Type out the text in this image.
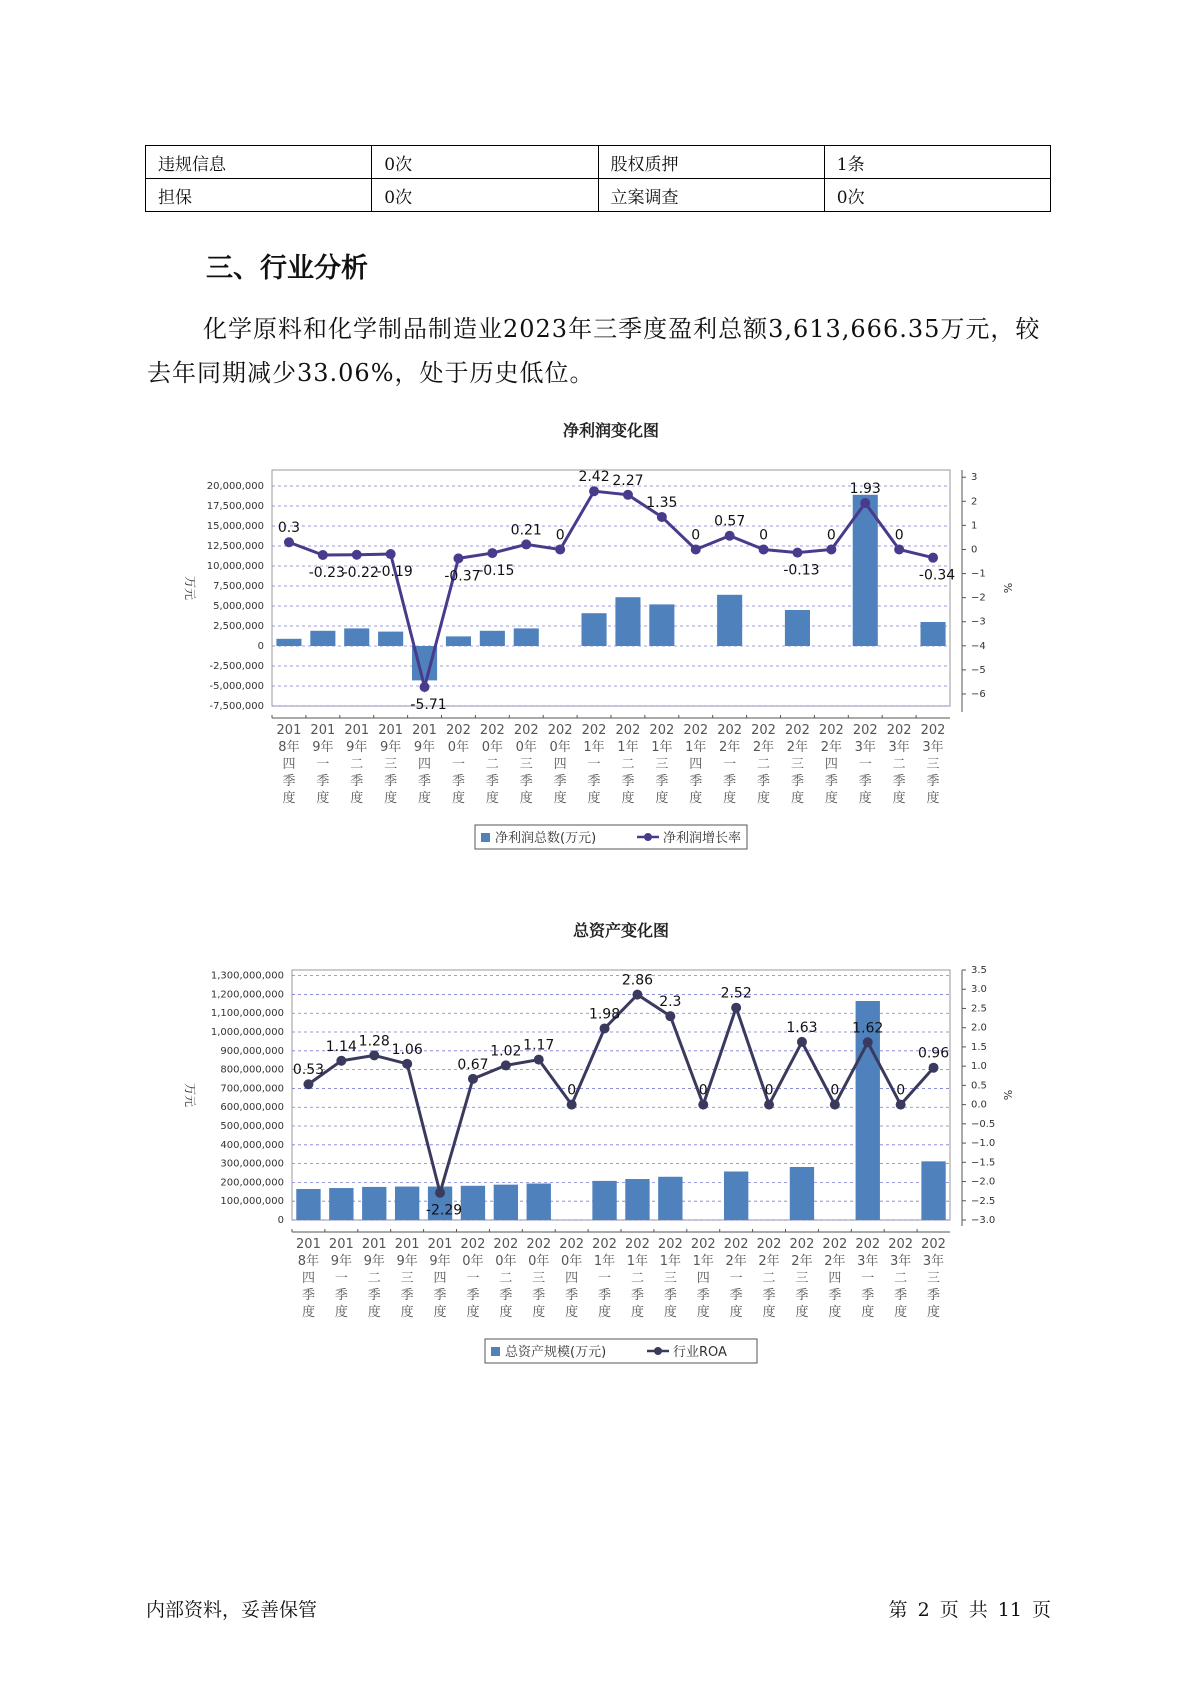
违规信息	0次	股权质押	1条
担保	0次	立案调查	0次
三、行业分析

化学原料和化学制品制造业2023年三季度盈利总额3,613,666.35万元，较去年同期减少33.06%，处于历史低位。

净利润变化图
20,000,000
17,500,000
15,000,000
12,500,000
10,000,000
7,500,000
5,000,000
2,500,000
0
-2,500,000
-5,000,000
-7,500,000
3
2
1
0
−1
−2
−3
−4
−5
−6
万元	%
0.3
-0.23
-0.22
-0.19
-5.71
-0.37
-0.15
0.21 0
2.42 2.27
1.35
0
0.57
0
-0.13
0
1.93
0
-0.34
201
8年
四
季
度
201
9年
一
季
度
201
9年
二
季
度
201
9年
三
季
度
201
9年
四
季
度
202
0年
一
季
度
202
0年
二
季
度
202
0年
三
季
度
202
0年
四
季
度
202
1年
一
季
度
202
1年
二
季
度
202
1年
三
季
度
202
1年
四
季
度
202
2年
一
季
度
202
2年
二
季
度
202
2年
三
季
度
202
2年
四
季
度
202
3年
一
季
度
202
3年
二
季
度
202
3年
三
季
度
净利润总数(万元)	净利润增长率
总资产变化图
1,300,000,000
1,200,000,000
1,100,000,000
1,000,000,000
900,000,000
800,000,000
700,000,000
600,000,000
500,000,000
400,000,000
300,000,000
200,000,000
100,000,000
0
3.5
3.0
2.5
2.0
1.5
1.0
0.5
0.0
−0.5
−1.0
−1.5
−2.0
−2.5
−3.0
万元	%
0.53
1.14 1.28
1.06
-2.29
0.67
1.02 1.17
0
1.98
2.86
2.3
0
2.52
0
1.63
0
1.62
0
0.96
201
8年
四
季
度
201
9年
一
季
度
201
9年
二
季
度
201
9年
三
季
度
201
9年
四
季
度
202
0年
一
季
度
202
0年
二
季
度
202
0年
三
季
度
202
0年
四
季
度
202
1年
一
季
度
202
1年
二
季
度
202
1年
三
季
度
202
1年
四
季
度
202
2年
一
季
度
202
2年
二
季
度
202
2年
三
季
度
202
2年
四
季
度
202
3年
一
季
度
202
3年
二
季
度
202
3年
三
季
度
总资产规模(万元)	行业ROA
内部资料，妥善保管	第 2 页 共 11 页
